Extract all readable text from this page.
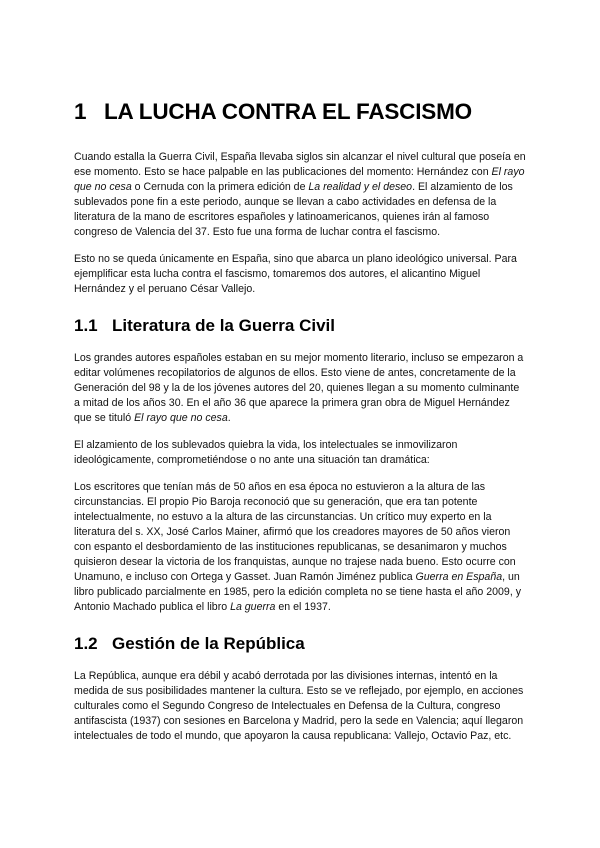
1 LA LUCHA CONTRA EL FASCISMO

Cuando estalla la Guerra Civil, España llevaba siglos sin alcanzar el nivel cultural que poseía en ese momento. Esto se hace palpable en las publicaciones del momento: Hernández con El rayo que no cesa o Cernuda con la primera edición de La realidad y el deseo. El alzamiento de los sublevados pone fin a este periodo, aunque se llevan a cabo actividades en defensa de la literatura de la mano de escritores españoles y latinoamericanos, quienes irán al famoso congreso de Valencia del 37. Esto fue una forma de luchar contra el fascismo.

Esto no se queda únicamente en España, sino que abarca un plano ideológico universal. Para ejemplificar esta lucha contra el fascismo, tomaremos dos autores, el alicantino Miguel Hernández y el peruano César Vallejo.

1.1 Literatura de la Guerra Civil

Los grandes autores españoles estaban en su mejor momento literario, incluso se empezaron a editar volúmenes recopilatorios de algunos de ellos. Esto viene de antes, concretamente de la Generación del 98 y la de los jóvenes autores del 20, quienes llegan a su momento culminante a mitad de los años 30. En el año 36 que aparece la primera gran obra de Miguel Hernández que se tituló El rayo que no cesa.

El alzamiento de los sublevados quiebra la vida, los intelectuales se inmovilizaron ideológicamente, comprometiéndose o no ante una situación tan dramática:

Los escritores que tenían más de 50 años en esa época no estuvieron a la altura de las circunstancias. El propio Pio Baroja reconoció que su generación, que era tan potente intelectualmente, no estuvo a la altura de las circunstancias. Un crítico muy experto en la literatura del s. XX, José Carlos Mainer, afirmó que los creadores mayores de 50 años vieron con espanto el desbordamiento de las instituciones republicanas, se desanimaron y muchos quisieron desear la victoria de los franquistas, aunque no trajese nada bueno. Esto ocurre con Unamuno, e incluso con Ortega y Gasset. Juan Ramón Jiménez publica Guerra en España, un libro publicado parcialmente en 1985, pero la edición completa no se tiene hasta el año 2009, y Antonio Machado publica el libro La guerra en el 1937.

1.2 Gestión de la República

La República, aunque era débil y acabó derrotada por las divisiones internas, intentó en la medida de sus posibilidades mantener la cultura. Esto se ve reflejado, por ejemplo, en acciones culturales como el Segundo Congreso de Intelectuales en Defensa de la Cultura, congreso antifascista (1937) con sesiones en Barcelona y Madrid, pero la sede en Valencia; aquí llegaron intelectuales de todo el mundo, que apoyaron la causa republicana: Vallejo, Octavio Paz, etc.
